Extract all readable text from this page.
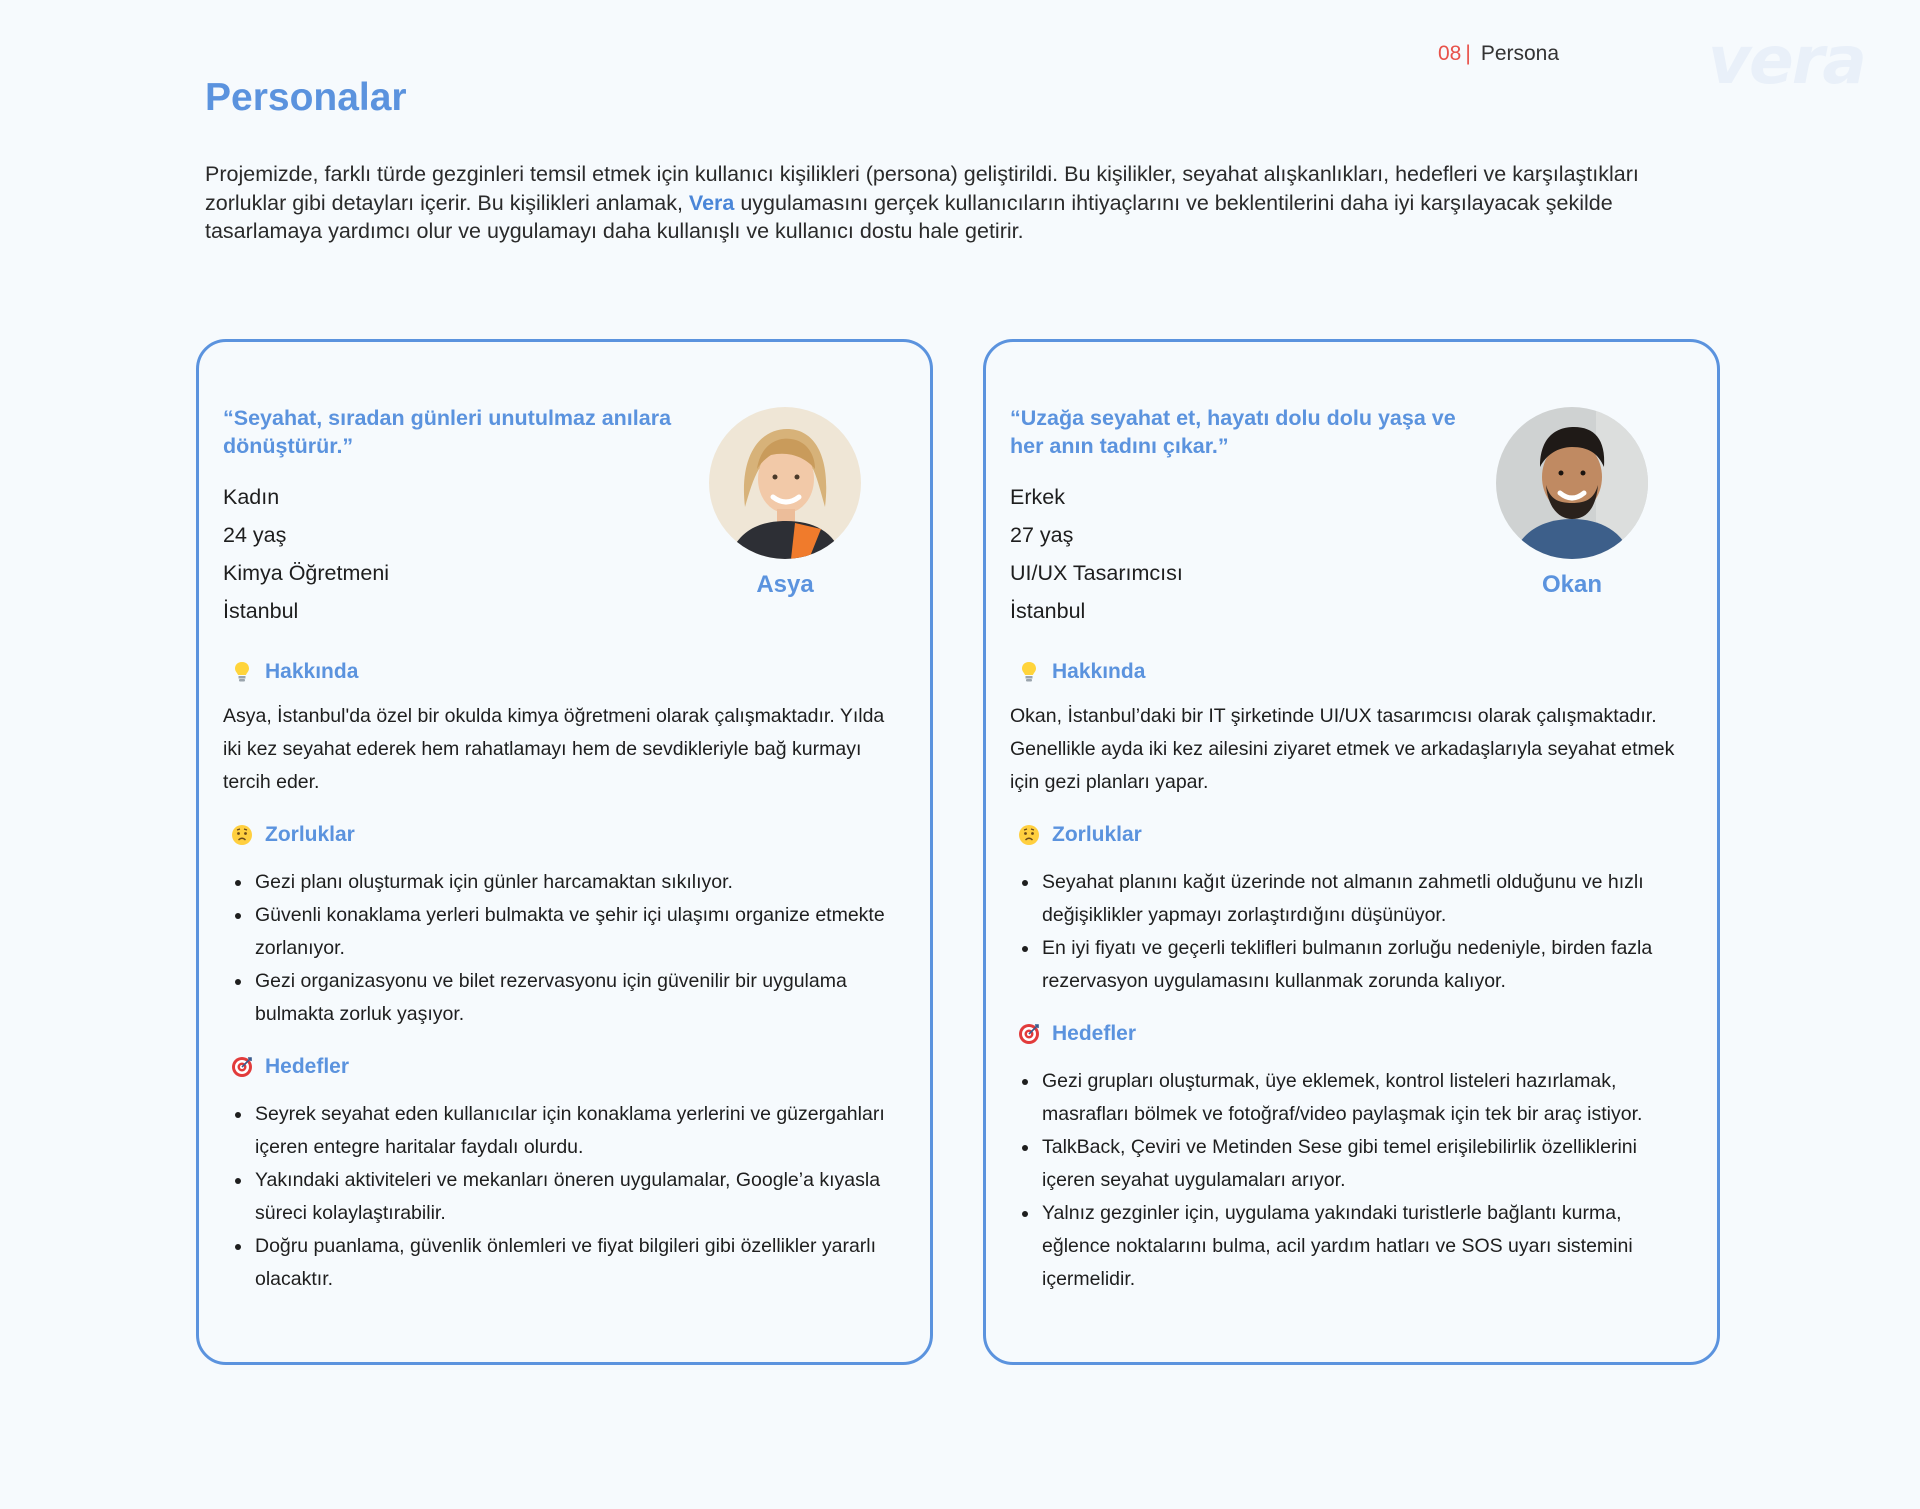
08 | Persona vera
Personalar

Projemizde, farklı türde gezginleri temsil etmek için kullanıcı kişilikleri (persona) geliştirildi. Bu kişilikler, seyahat alışkanlıkları, hedefleri ve karşılaştıkları zorluklar gibi detayları içerir. Bu kişilikleri anlamak, Vera uygulamasını gerçek kullanıcıların ihtiyaçlarını ve beklentilerini daha iyi karşılayacak şekilde tasarlamaya yardımcı olur ve uygulamayı daha kullanışlı ve kullanıcı dostu hale getirir.

“Seyahat, sıradan günleri unutulmaz anılara dönüştürür.”

Kadın
24 yaş
Kimya Öğretmeni
İstanbul
Asya
Hakkında

Asya, İstanbul'da özel bir okulda kimya öğretmeni olarak çalışmaktadır. Yılda iki kez seyahat ederek hem rahatlamayı hem de sevdikleriyle bağ kurmayı tercih eder.

Zorluklar
• Gezi planı oluşturmak için günler harcamaktan sıkılıyor.
• Güvenli konaklama yerleri bulmakta ve şehir içi ulaşımı organize etmekte zorlanıyor.
• Gezi organizasyonu ve bilet rezervasyonu için güvenilir bir uygulama bulmakta zorluk yaşıyor.
Hedefler
• Seyrek seyahat eden kullanıcılar için konaklama yerlerini ve güzergahları içeren entegre haritalar faydalı olurdu.
• Yakındaki aktiviteleri ve mekanları öneren uygulamalar, Google’a kıyasla süreci kolaylaştırabilir.
• Doğru puanlama, güvenlik önlemleri ve fiyat bilgileri gibi özellikler yararlı olacaktır.

“Uzağa seyahat et, hayatı dolu dolu yaşa ve her anın tadını çıkar.”

Erkek
27 yaş
UI/UX Tasarımcısı
İstanbul
Okan
Hakkında

Okan, İstanbul’daki bir IT şirketinde UI/UX tasarımcısı olarak çalışmaktadır. Genellikle ayda iki kez ailesini ziyaret etmek ve arkadaşlarıyla seyahat etmek için gezi planları yapar.

Zorluklar
• Seyahat planını kağıt üzerinde not almanın zahmetli olduğunu ve hızlı değişiklikler yapmayı zorlaştırdığını düşünüyor.
• En iyi fiyatı ve geçerli teklifleri bulmanın zorluğu nedeniyle, birden fazla rezervasyon uygulamasını kullanmak zorunda kalıyor.
Hedefler
• Gezi grupları oluşturmak, üye eklemek, kontrol listeleri hazırlamak, masrafları bölmek ve fotoğraf/video paylaşmak için tek bir araç istiyor.
• TalkBack, Çeviri ve Metinden Sese gibi temel erişilebilirlik özelliklerini içeren seyahat uygulamaları arıyor.
• Yalnız gezginler için, uygulama yakındaki turistlerle bağlantı kurma, eğlence noktalarını bulma, acil yardım hatları ve SOS uyarı sistemini içermelidir.
